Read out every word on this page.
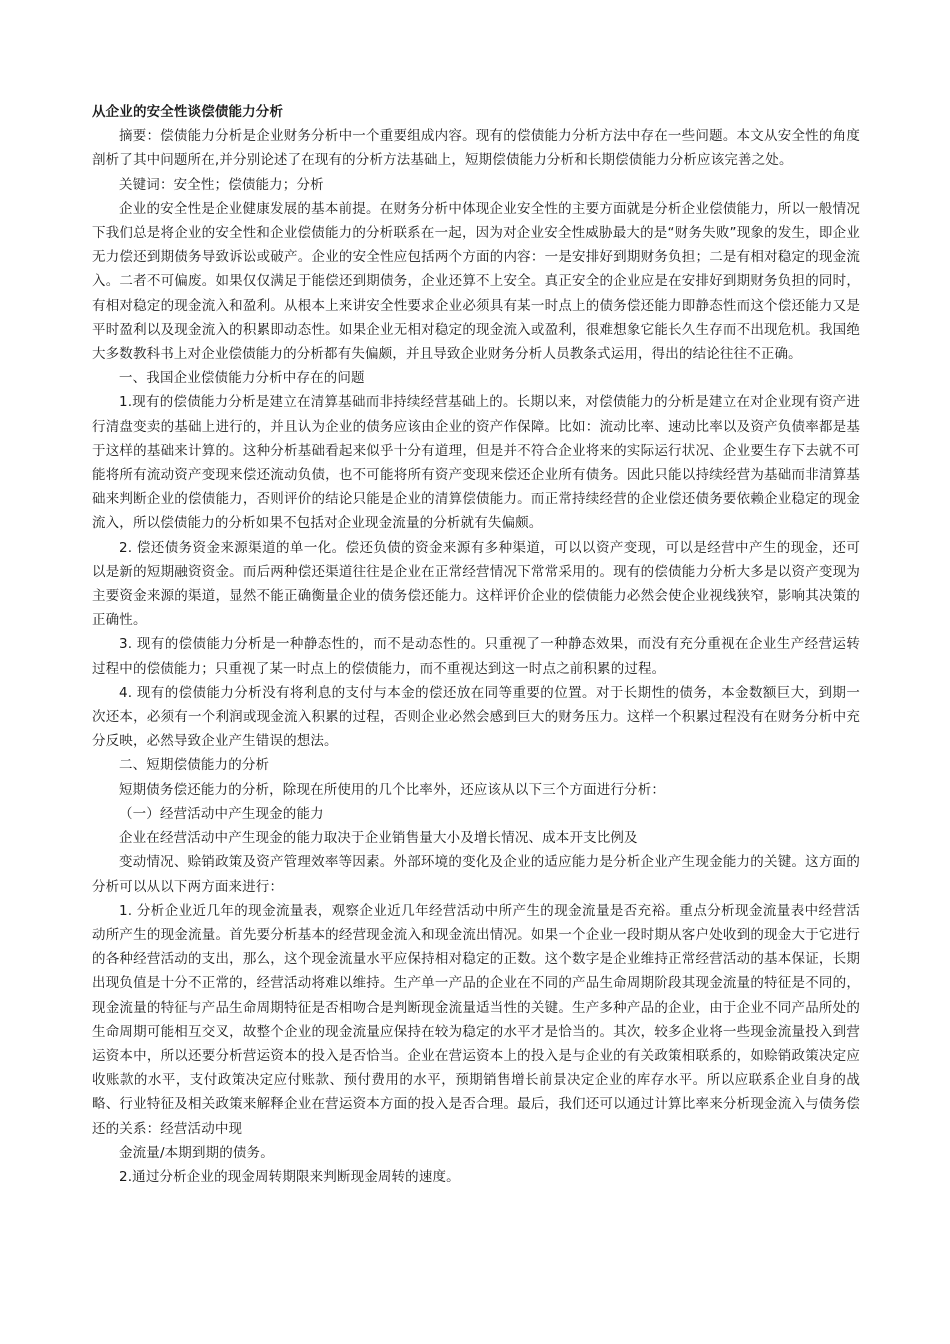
从企业的安全性谈偿债能力分析

摘要：偿债能力分析是企业财务分析中一个重要组成内容。现有的偿债能力分析方法中存在一些问题。本文从安全性的角度剖析了其中问题所在,并分别论述了在现有的分析方法基础上，短期偿债能力分析和长期偿债能力分析应该完善之处。

关键词：安全性；偿债能力；分析

企业的安全性是企业健康发展的基本前提。在财务分析中体现企业安全性的主要方面就是分析企业偿债能力，所以一般情况下我们总是将企业的安全性和企业偿债能力的分析联系在一起，因为对企业安全性威胁最大的是“财务失败”现象的发生，即企业无力偿还到期债务导致诉讼或破产。企业的安全性应包括两个方面的内容：一是安排好到期财务负担；二是有相对稳定的现金流入。二者不可偏废。如果仅仅满足于能偿还到期债务，企业还算不上安全。真正安全的企业应是在安排好到期财务负担的同时，有相对稳定的现金流入和盈利。从根本上来讲安全性要求企业必须具有某一时点上的债务偿还能力即静态性而这个偿还能力又是平时盈利以及现金流入的积累即动态性。如果企业无相对稳定的现金流入或盈利，很难想象它能长久生存而不出现危机。我国绝大多数教科书上对企业偿债能力的分析都有失偏颇，并且导致企业财务分析人员教条式运用，得出的结论往往不正确。

一、我国企业偿债能力分析中存在的问题

1.现有的偿债能力分析是建立在清算基础而非持续经营基础上的。长期以来，对偿债能力的分析是建立在对企业现有资产进行清盘变卖的基础上进行的，并且认为企业的债务应该由企业的资产作保障。比如：流动比率、速动比率以及资产负债率都是基于这样的基础来计算的。这种分析基础看起来似乎十分有道理，但是并不符合企业将来的实际运行状况、企业要生存下去就不可能将所有流动资产变现来偿还流动负债，也不可能将所有资产变现来偿还企业所有债务。因此只能以持续经营为基础而非清算基础来判断企业的偿债能力，否则评价的结论只能是企业的清算偿债能力。而正常持续经营的企业偿还债务要依赖企业稳定的现金流入，所以偿债能力的分析如果不包括对企业现金流量的分析就有失偏颇。

2. 偿还债务资金来源渠道的单一化。偿还负债的资金来源有多种渠道，可以以资产变现，可以是经营中产生的现金，还可以是新的短期融资资金。而后两种偿还渠道往往是企业在正常经营情况下常常采用的。现有的偿债能力分析大多是以资产变现为主要资金来源的渠道，显然不能正确衡量企业的债务偿还能力。这样评价企业的偿债能力必然会使企业视线狭窄，影响其决策的正确性。

3. 现有的偿债能力分析是一种静态性的，而不是动态性的。只重视了一种静态效果，而没有充分重视在企业生产经营运转过程中的偿债能力；只重视了某一时点上的偿债能力，而不重视达到这一时点之前积累的过程。

4. 现有的偿债能力分析没有将利息的支付与本金的偿还放在同等重要的位置。对于长期性的债务，本金数额巨大，到期一次还本，必须有一个利润或现金流入积累的过程，否则企业必然会感到巨大的财务压力。这样一个积累过程没有在财务分析中充分反映，必然导致企业产生错误的想法。

二、短期偿债能力的分析

短期债务偿还能力的分析，除现在所使用的几个比率外，还应该从以下三个方面进行分析：

（一）经营活动中产生现金的能力

企业在经营活动中产生现金的能力取决于企业销售量大小及增长情况、成本开支比例及

变动情况、赊销政策及资产管理效率等因素。外部环境的变化及企业的适应能力是分析企业产生现金能力的关键。这方面的分析可以从以下两方面来进行：

1. 分析企业近几年的现金流量表，观察企业近几年经营活动中所产生的现金流量是否充裕。重点分析现金流量表中经营活动所产生的现金流量。首先要分析基本的经营现金流入和现金流出情况。如果一个企业一段时期从客户处收到的现金大于它进行的各种经营活动的支出，那么，这个现金流量水平应保持相对稳定的正数。这个数字是企业维持正常经营活动的基本保证，长期出现负值是十分不正常的，经营活动将难以维持。生产单一产品的企业在不同的产品生命周期阶段其现金流量的特征是不同的，现金流量的特征与产品生命周期特征是否相吻合是判断现金流量适当性的关键。生产多种产品的企业，由于企业不同产品所处的生命周期可能相互交叉，故整个企业的现金流量应保持在较为稳定的水平才是恰当的。其次，较多企业将一些现金流量投入到营运资本中，所以还要分析营运资本的投入是否恰当。企业在营运资本上的投入是与企业的有关政策相联系的，如赊销政策决定应收账款的水平，支付政策决定应付账款、预付费用的水平，预期销售增长前景决定企业的库存水平。所以应联系企业自身的战略、行业特征及相关政策来解释企业在营运资本方面的投入是否合理。最后，我们还可以通过计算比率来分析现金流入与债务偿还的关系：经营活动中现

金流量/本期到期的债务。

2.通过分析企业的现金周转期限来判断现金周转的速度。
